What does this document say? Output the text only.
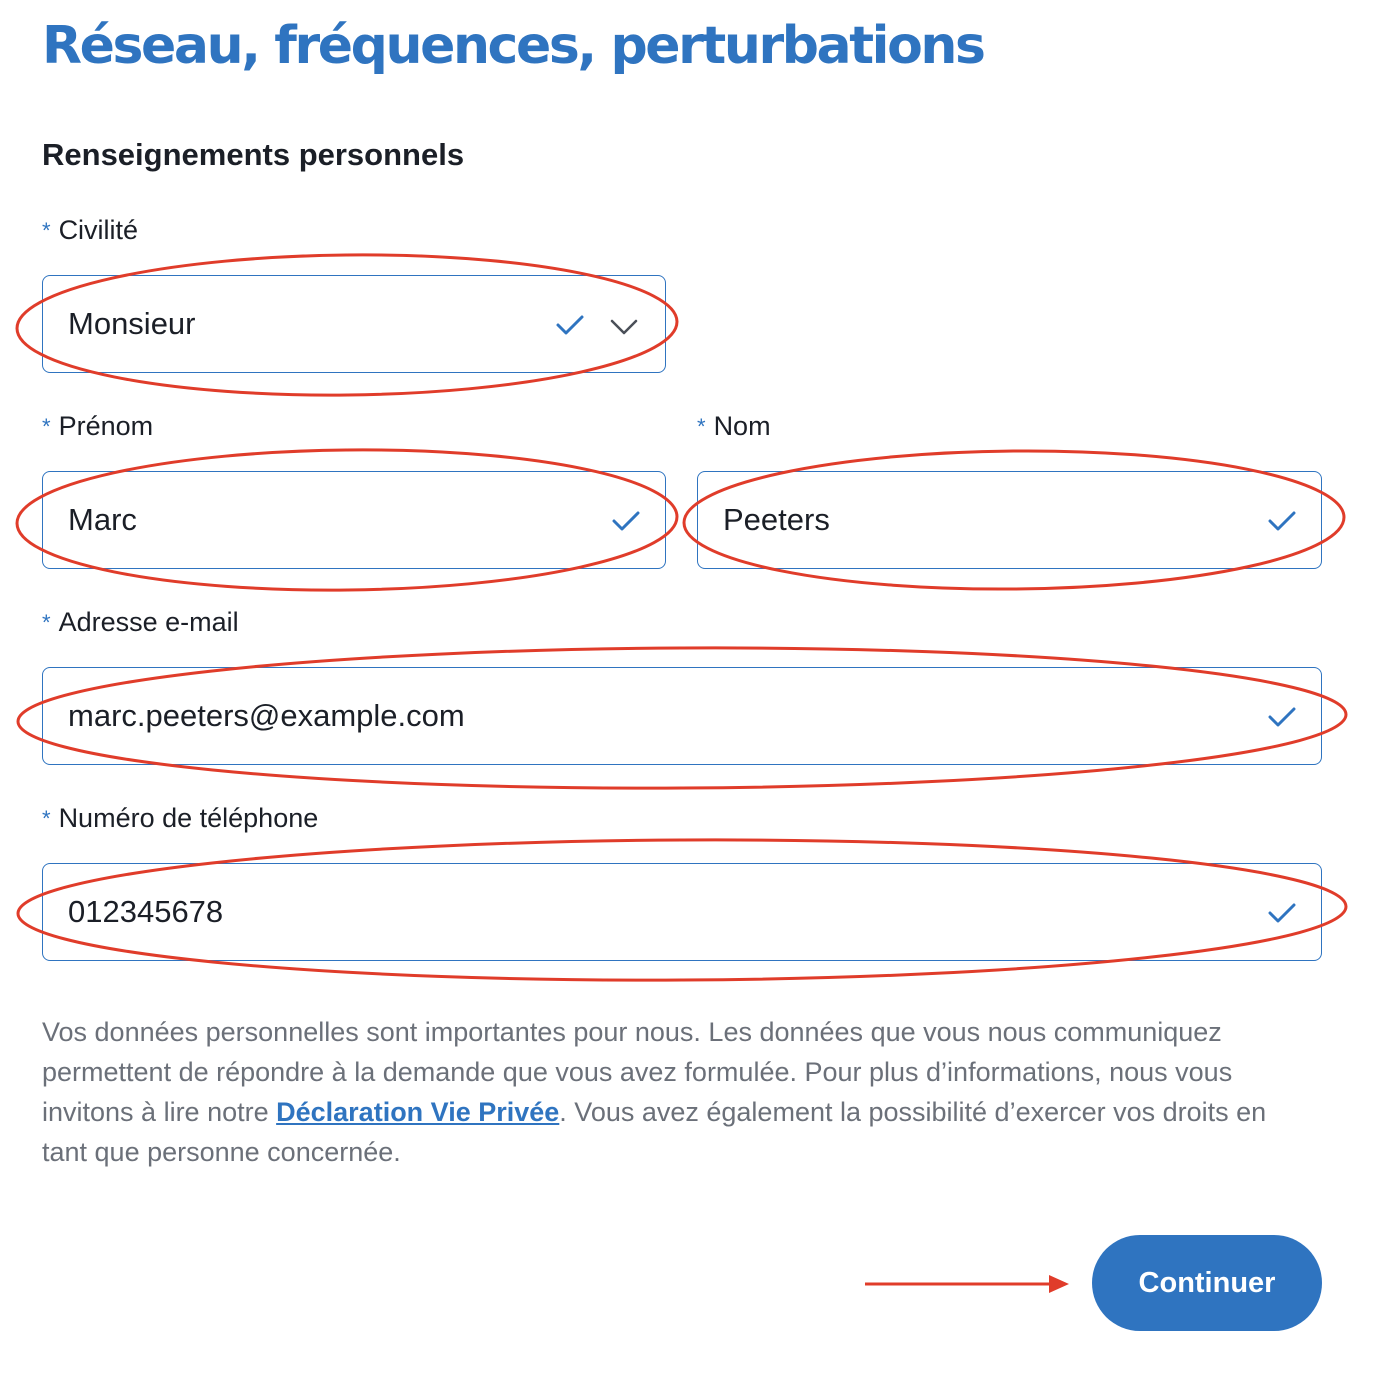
Réseau, fréquences, perturbations
Renseignements personnels
* Civilité
Monsieur
* Prénom
Marc
* Nom
Peeters
* Adresse e-mail
marc.peeters@example.com
* Numéro de téléphone
012345678

Vos données personnelles sont importantes pour nous. Les données que vous nous communiquez permettent de répondre à la demande que vous avez formulée. Pour plus d’informations, nous vous invitons à lire notre Déclaration Vie Privée. Vous avez également la possibilité d’exercer vos droits en tant que personne concernée.

Continuer
